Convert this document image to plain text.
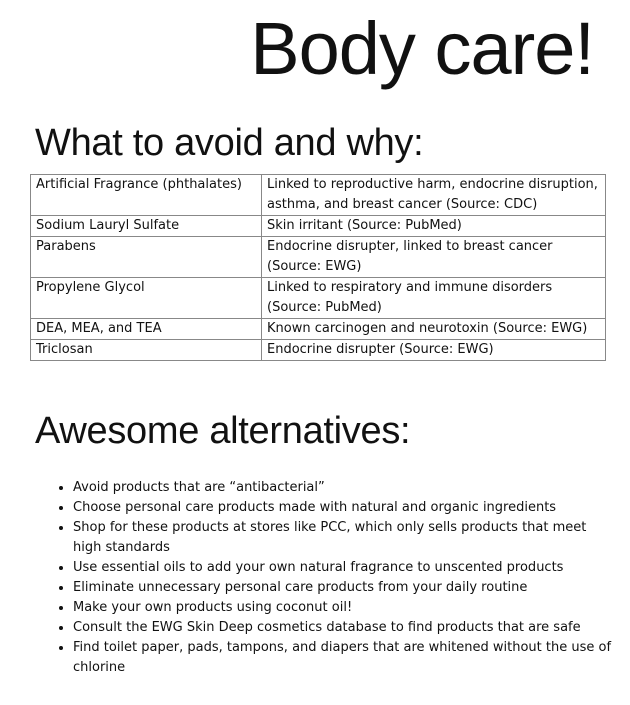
Body care!
What to avoid and why:
Artificial Fragrance (phthalates)	Linked to reproductive harm, endocrine disruption, asthma, and breast cancer (Source: CDC)
Sodium Lauryl Sulfate	Skin irritant (Source: PubMed)
Parabens	Endocrine disrupter, linked to breast cancer (Source: EWG)
Propylene Glycol	Linked to respiratory and immune disorders (Source: PubMed)
DEA, MEA, and TEA	Known carcinogen and neurotoxin (Source: EWG)
Triclosan	Endocrine disrupter (Source: EWG)
Awesome alternatives:
• Avoid products that are “antibacterial”
• Choose personal care products made with natural and organic ingredients
• Shop for these products at stores like PCC, which only sells products that meet high standards
• Use essential oils to add your own natural fragrance to unscented products
• Eliminate unnecessary personal care products from your daily routine
• Make your own products using coconut oil!
• Consult the EWG Skin Deep cosmetics database to find products that are safe
• Find toilet paper, pads, tampons, and diapers that are whitened without the use of chlorine
